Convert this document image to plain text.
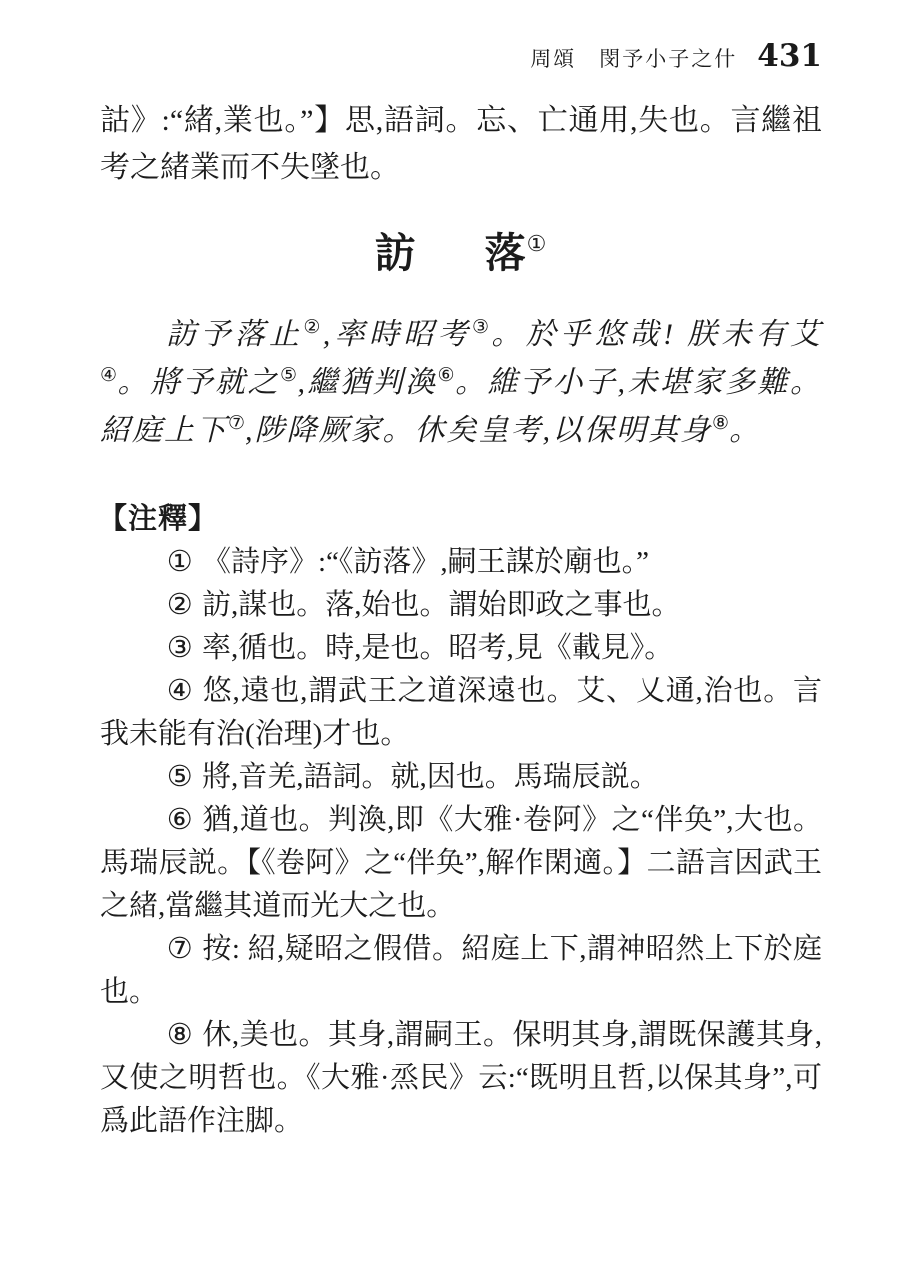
周頌　閔予小子之什 431
詁》:“緒,業也。”】思,語詞。忘、亡通用,失也。言繼祖考之緒業而不失墜也。
訪 落①
訪予落止②,率時昭考③。於乎悠哉! 朕未有艾④。將予就之⑤,繼猶判渙⑥。維予小子,未堪家多難。紹庭上下⑦,陟降厥家。休矣皇考,以保明其身⑧。
【注釋】

① 《詩序》:“《訪落》,嗣王謀於廟也。”

② 訪,謀也。落,始也。謂始即政之事也。

③ 率,循也。時,是也。昭考,見《載見》。

④ 悠,遠也,謂武王之道深遠也。艾、乂通,治也。言我未能有治(治理)才也。

⑤ 將,音羌,語詞。就,因也。馬瑞辰説。

⑥ 猶,道也。判渙,即《大雅·卷阿》之“伴奂”,大也。馬瑞辰説。【《卷阿》之“伴奂”,解作閑適。】二語言因武王之緒,當繼其道而光大之也。

⑦ 按: 紹,疑昭之假借。紹庭上下,謂神昭然上下於庭也。

⑧ 休,美也。其身,謂嗣王。保明其身,謂既保護其身,又使之明哲也。《大雅·烝民》云:“既明且哲,以保其身”,可爲此語作注脚。
